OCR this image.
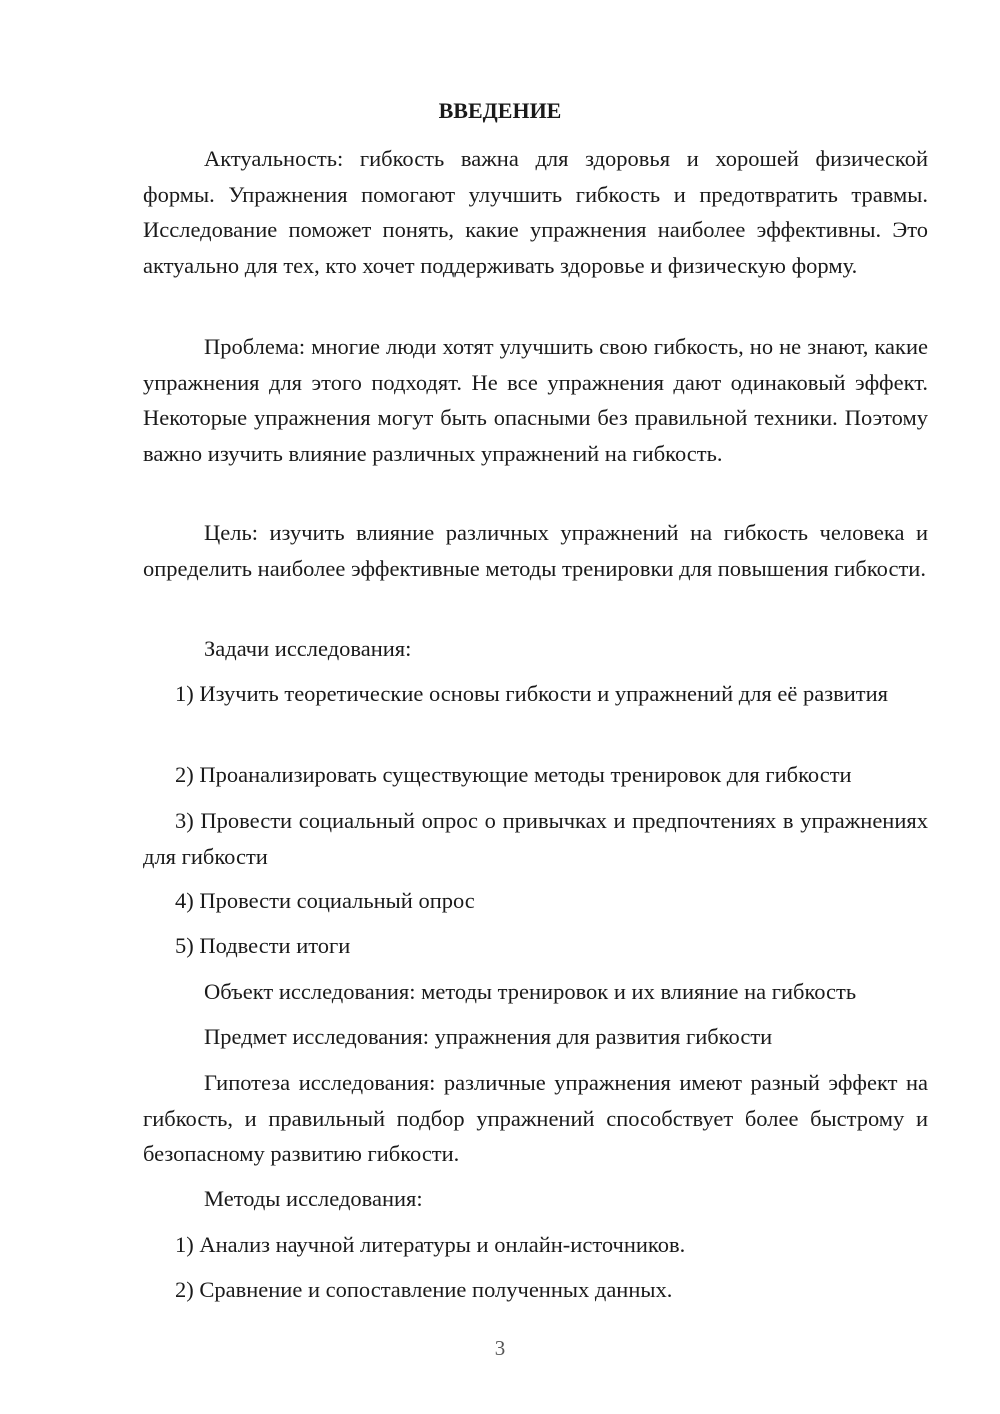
ВВЕДЕНИЕ

Актуальность: гибкость важна для здоровья и хорошей физической формы. Упражнения помогают улучшить гибкость и предотвратить травмы. Исследование поможет понять, какие упражнения наиболее эффективны. Это актуально для тех, кто хочет поддерживать здоровье и физическую форму.

Проблема: многие люди хотят улучшить свою гибкость, но не знают, какие упражнения для этого подходят. Не все упражнения дают одинаковый эффект. Некоторые упражнения могут быть опасными без правильной техники. Поэтому важно изучить влияние различных упражнений на гибкость.

Цель: изучить влияние различных упражнений на гибкость человека и определить наиболее эффективные методы тренировки для повышения гибкости.

Задачи исследования:

1) Изучить теоретические основы гибкости и упражнений для её развития

2) Проанализировать существующие методы тренировок для гибкости

3) Провести социальный опрос о привычках и предпочтениях в упражнениях для гибкости

4) Провести социальный опрос

5) Подвести итоги

Объект исследования: методы тренировок и их влияние на гибкость

Предмет исследования: упражнения для развития гибкости

Гипотеза исследования: различные упражнения имеют разный эффект на гибкость, и правильный подбор упражнений способствует более быстрому и безопасному развитию гибкости.

Методы исследования:

1) Анализ научной литературы и онлайн-источников.

2) Сравнение и сопоставление полученных данных.

3
